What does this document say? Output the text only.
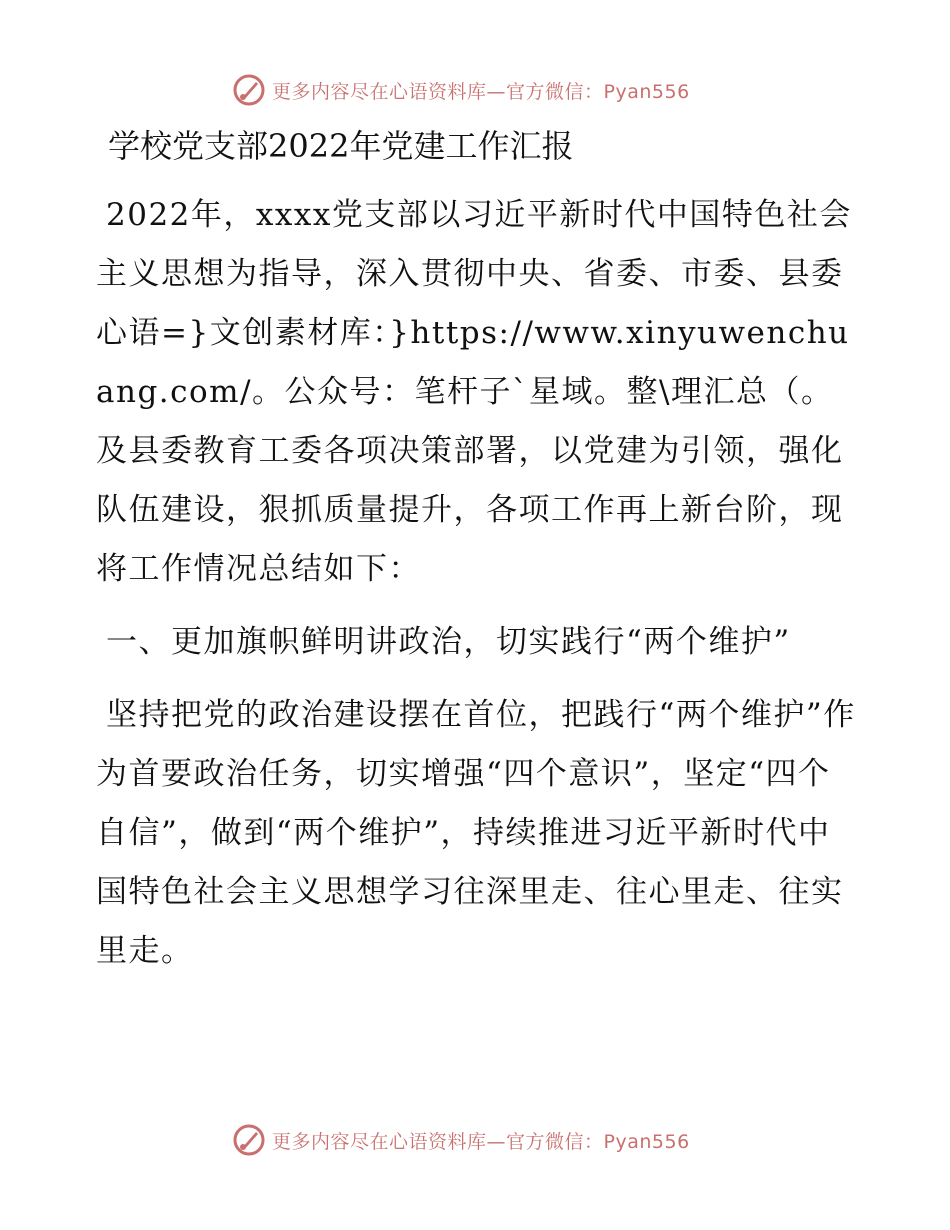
更多内容尽在心语资料库—官方微信：Pyan556
学校党支部2022年党建工作汇报

2022年，xxxx党支部以习近平新时代中国特色社会主义思想为指导，深入贯彻中央、省委、市委、县委心语=}文创素材库：}https://www.xinyuwenchuang.com/。公众号：笔杆子`星域。整\理汇总（。及县委教育工委各项决策部署，以党建为引领，强化队伍建设，狠抓质量提升，各项工作再上新台阶，现将工作情况总结如下：

一、更加旗帜鲜明讲政治，切实践行“两个维护”

坚持把党的政治建设摆在首位，把践行“两个维护”作为首要政治任务，切实增强“四个意识”，坚定“四个自信”，做到“两个维护”，持续推进习近平新时代中国特色社会主义思想学习往深里走、往心里走、往实里走。

更多内容尽在心语资料库—官方微信：Pyan556
